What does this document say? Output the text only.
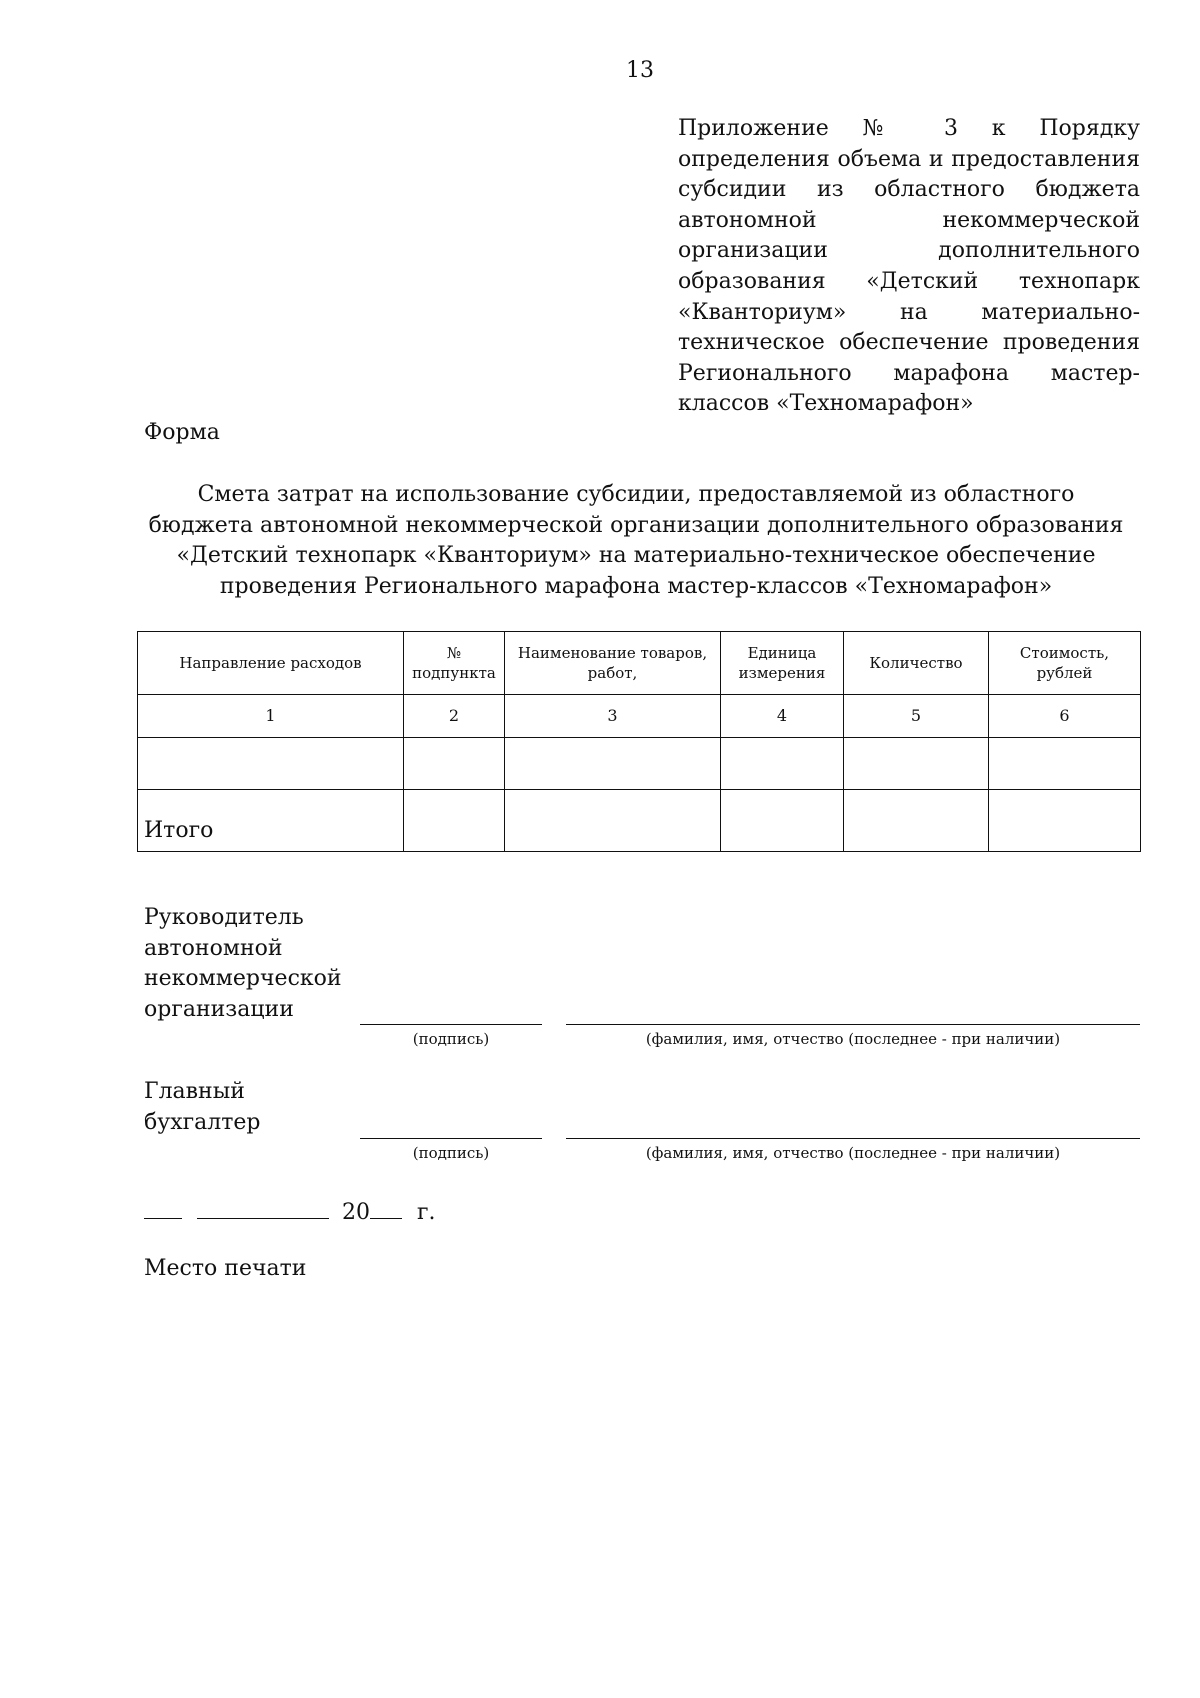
13
Приложение № 3 к Порядку
определения объема и предоставления
субсидии из областного бюджета
автономной некоммерческой
организации дополнительного
образования «Детский технопарк
«Кванториум» на материально-
техническое обеспечение проведения
Регионального марафона мастер-
классов «Техномарафон»
Форма
Смета затрат на использование субсидии, предоставляемой из областного
бюджета автономной некоммерческой организации дополнительного образования
«Детский технопарк «Кванториум» на материально-техническое обеспечение
проведения Регионального марафона мастер-классов «Техномарафон»
Направление расходов	№ подпункта	Наименование товаров, работ,	Единица измерения	Количество	Стоимость, рублей
1	2	3	4	5	6

Итого					
Руководитель
автономной
некоммерческой
организации
(подпись)	(фамилия, имя, отчество (последнее - при наличии)
Главный
бухгалтер
(подпись)	(фамилия, имя, отчество (последнее - при наличии)
20 г.
Место печати
